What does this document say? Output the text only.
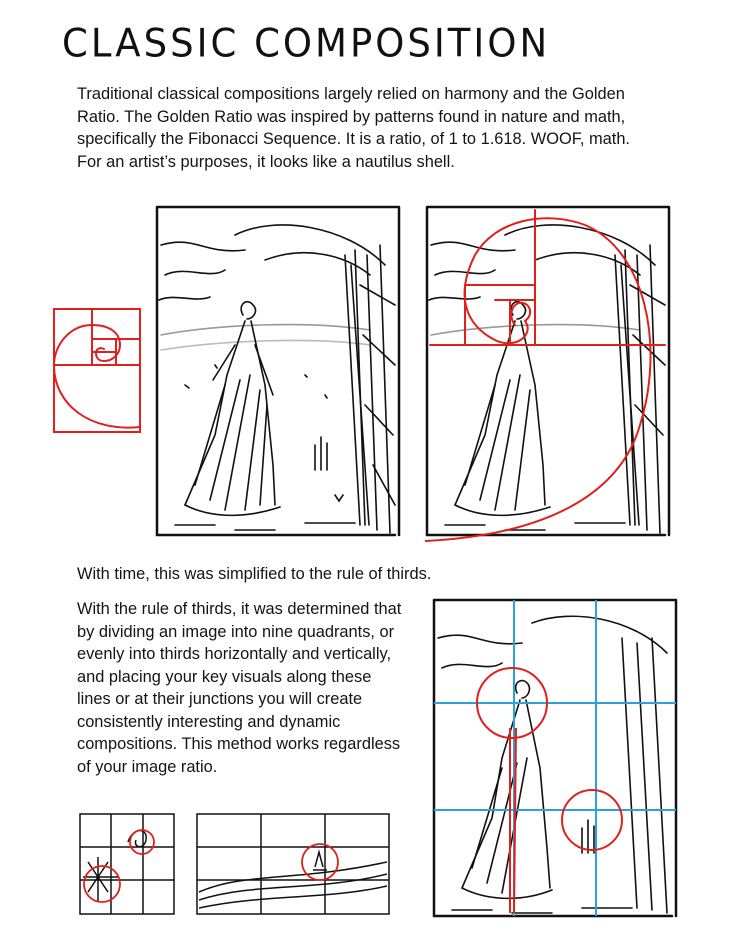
CLASSIC COMPOSITION

Traditional classical compositions largely relied on harmony and the Golden Ratio. The Golden Ratio was inspired by patterns found in nature and math, specifically the Fibonacci Sequence. It is a ratio, of 1 to 1.618. WOOF, math. For an artist’s purposes, it looks like a nautilus shell.

With time, this was simplified to the rule of thirds.

With the rule of thirds, it was determined that by dividing an image into nine quadrants, or evenly into thirds horizontally and vertically, and placing your key visuals along these lines or at their junctions you will create consistently interesting and dynamic compositions. This method works regardless of your image ratio.
